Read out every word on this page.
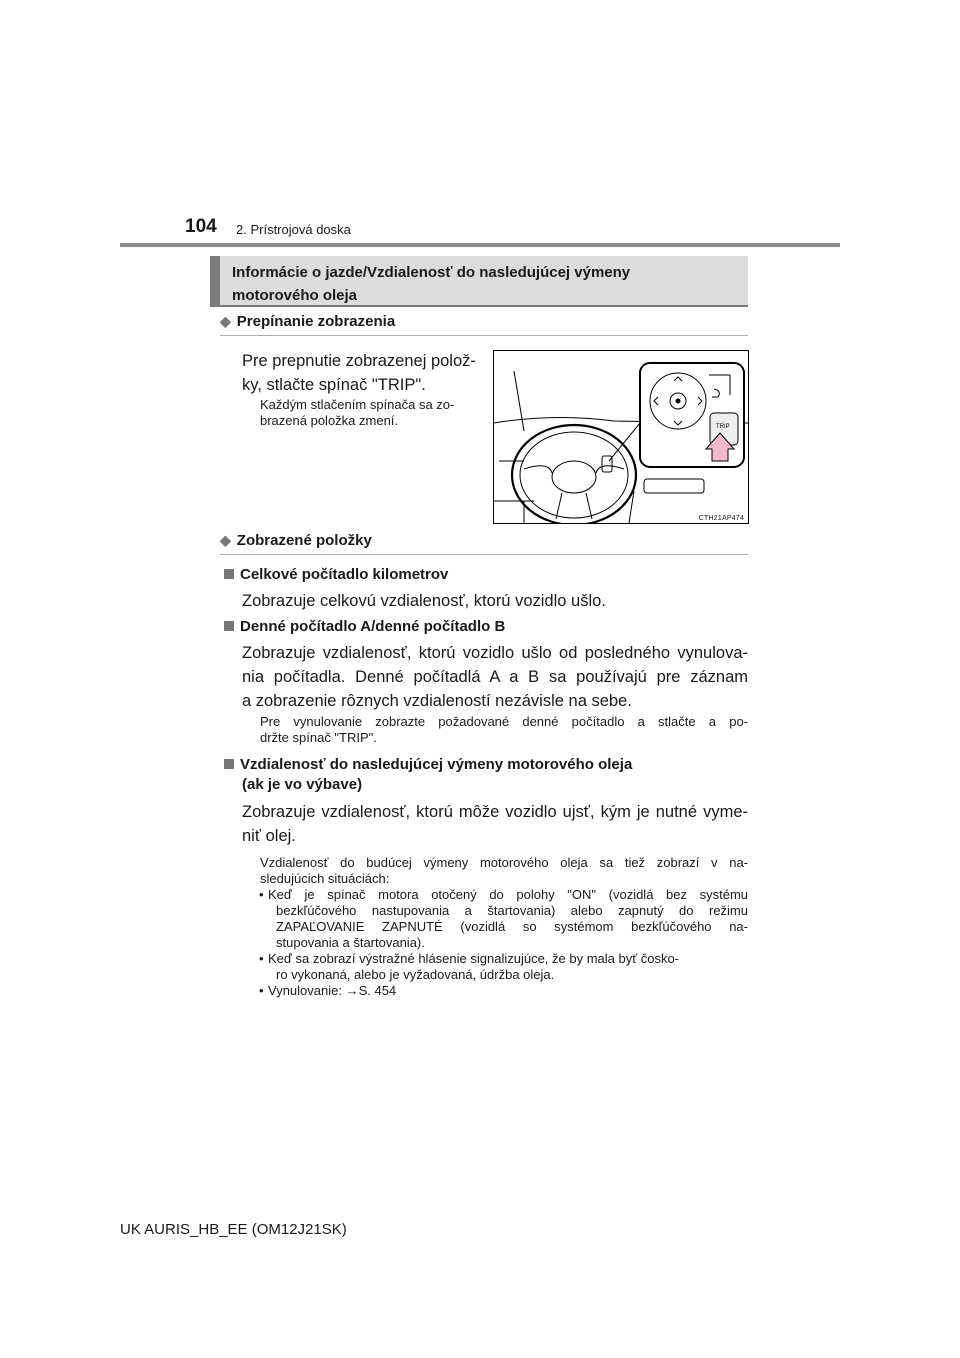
104 2. Prístrojová doska
Informácie o jazde/Vzdialenosť do nasledujúcej výmeny
motorového oleja
◆ Prepínanie zobrazenia
Pre prepnutie zobrazenej polož-
ky, stlačte spínač "TRIP".
Každým stlačením spínača sa zo-
brazená položka zmení.	TRIP
CTH21AP474
◆ Zobrazené položky
Celkové počítadlo kilometrov
Zobrazuje celkovú vzdialenosť, ktorú vozidlo ušlo.
Denné počítadlo A/denné počítadlo B
Zobrazuje vzdialenosť, ktorú vozidlo ušlo od posledného vynulova-
nia počítadla. Denné počítadlá A a B sa používajú pre záznam
a zobrazenie rôznych vzdialeností nezávisle na sebe.
Pre vynulovanie zobrazte požadované denné počítadlo a stlačte a po-
držte spínač "TRIP".
Vzdialenosť do nasledujúcej výmeny motorového oleja
(ak je vo výbave)
Zobrazuje vzdialenosť, ktorú môže vozidlo ujsť, kým je nutné vyme-
niť olej.
Vzdialenosť do budúcej výmeny motorového oleja sa tiež zobrazí v na-
sledujúcich situáciách:
• Keď je spínač motora otočený do polohy "ON" (vozidlá bez systému
bezkľúčového nastupovania a štartovania) alebo zapnutý do režimu
ZAPAĽOVANIE ZAPNUTÉ (vozidlá so systémom bezkľúčového na-
stupovania a štartovania).
• Keď sa zobrazí výstražné hlásenie signalizujúce, že by mala byť čosko-
ro vykonaná, alebo je vyžadovaná, údržba oleja.
• Vynulovanie: →S. 454
UK AURIS_HB_EE (OM12J21SK)
